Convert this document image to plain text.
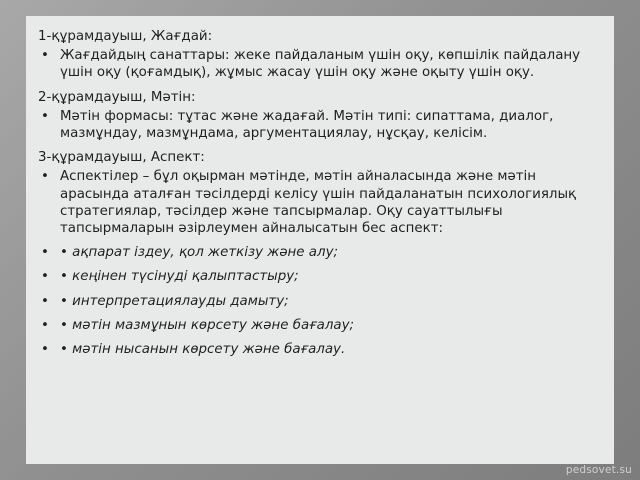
1-құрамдауыш, Жағдай:
• Жағдайдың санаттары: жеке пайдаланым үшін оқу, көпшілік пайдалану үшін оқу (қоғамдық), жұмыс жасау үшін оқу және оқыту үшін оқу.
2-құрамдауыш, Мәтін:
• Мәтін формасы: тұтас және жадағай. Мәтін типі: сипаттама, диалог, мазмұндау, мазмұндама, аргументациялау, нұсқау, келісім.
3-құрамдауыш, Аспект:
• Аспектілер – бұл оқырман мәтінде, мәтін айналасында және мәтін арасында аталған тәсілдерді келісу үшін пайдаланатын психологиялық стратегиялар, тәсілдер және тапсырмалар. Оқу сауаттылығы тапсырмаларын әзірлеумен айналысатын бес аспект:
• • ақпарат іздеу, қол жеткізу және алу;
• • кеңінен түсінуді қалыптастыру;
• • интерпретациялауды дамыту;
• • мәтін мазмұнын көрсету және бағалау;
• • мәтін нысанын көрсету және бағалау.
pedsovet.su
